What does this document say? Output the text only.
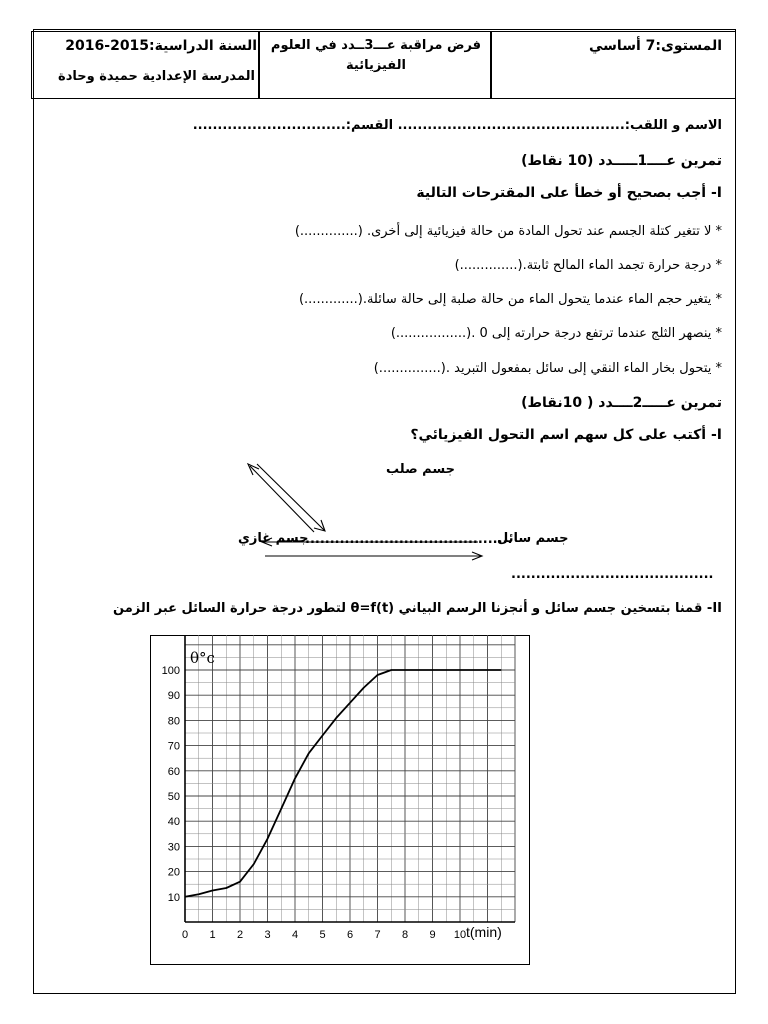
السنة الدراسية:2015-2016
المدرسة الإعدادية حميدة وحادة
فرض مراقبة عـــ3ــدد في العلوم
الفيزيائية
المستوى:7 أساسي
الاسم و اللقب:.............................................. القسم:...............................
تمرين عــــ1ـــــدد (10 نقاط)
I- أجب بصحيح أو خطأ على المقترحات التالية
* لا تتغير كتلة الجسم عند تحول المادة من حالة فيزيائية إلى أخرى. (..............)
* درجة حرارة تجمد الماء المالح ثابتة.(..............)
* يتغير حجم الماء عندما يتحول الماء من حالة صلبة إلى حالة سائلة.(.............)
* ينصهر الثلج عندما ترتفع درجة حرارته إلى 0 .(.................)
* يتحول بخار الماء النقي إلى سائل بمفعول التبريد .(...............)
تمرين عـــــ2ــــدد ( 10نقاط)
I- أكتب على كل سهم اسم التحول الفيزيائي؟
جسم صلب
جسم سائل
جسم غازي
..........................................
.........................................
II- قمنا بتسخين جسم سائل و أنجزنا الرسم البياني θ=f(t) لتطور درجة حرارة السائل عبر الزمن
0 1 2 3 4 5 6 7 8 9 10
10
20
30
40
50
60
70
80
90
100
θ°c
t(min)
